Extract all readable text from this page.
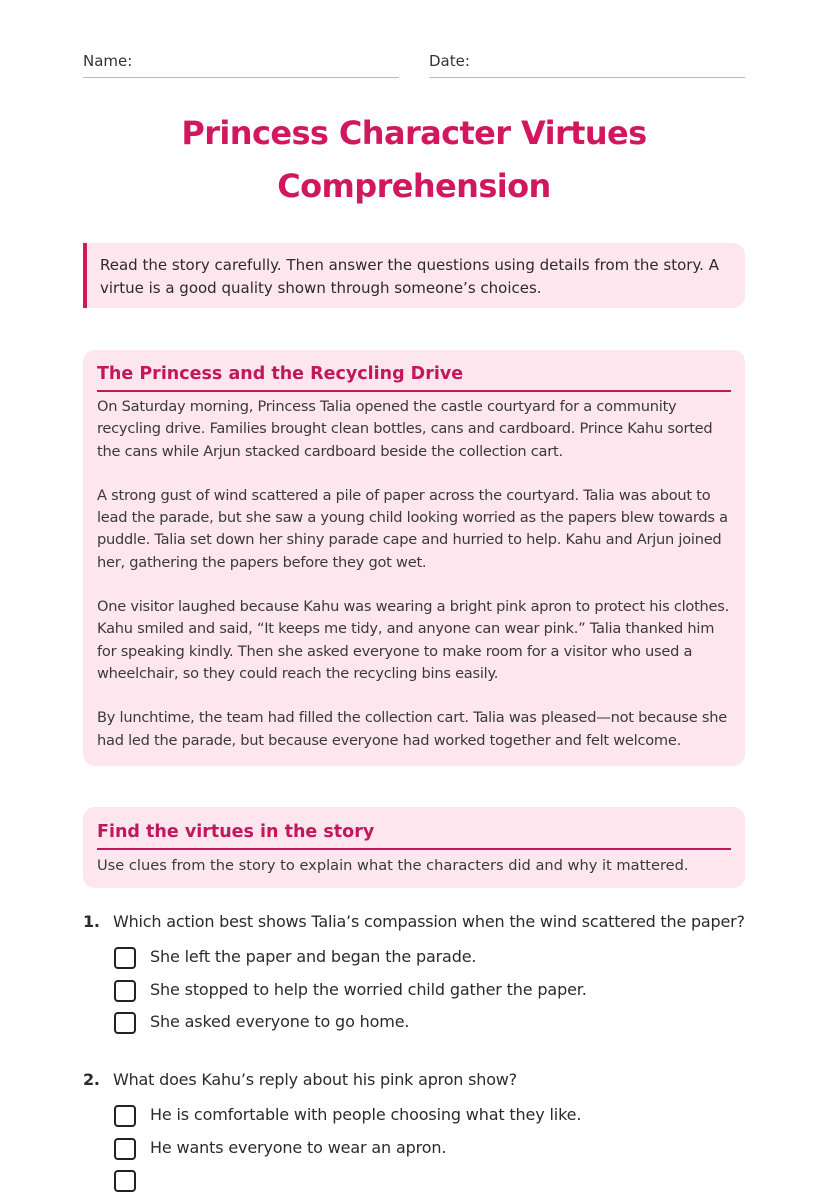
Name:	Date:
Princess Character Virtues
Comprehension
Read the story carefully. Then answer the questions using details from the story. A virtue is a good quality shown through someone’s choices.
The Princess and the Recycling Drive

On Saturday morning, Princess Talia opened the castle courtyard for a community recycling drive. Families brought clean bottles, cans and cardboard. Prince Kahu sorted the cans while Arjun stacked cardboard beside the collection cart.

A strong gust of wind scattered a pile of paper across the courtyard. Talia was about to lead the parade, but she saw a young child looking worried as the papers blew towards a puddle. Talia set down her shiny parade cape and hurried to help. Kahu and Arjun joined her, gathering the papers before they got wet.

One visitor laughed because Kahu was wearing a bright pink apron to protect his clothes. Kahu smiled and said, “It keeps me tidy, and anyone can wear pink.” Talia thanked him for speaking kindly. Then she asked everyone to make room for a visitor who used a wheelchair, so they could reach the recycling bins easily.

By lunchtime, the team had filled the collection cart. Talia was pleased—not because she had led the parade, but because everyone had worked together and felt welcome.

Find the virtues in the story
Use clues from the story to explain what the characters did and why it mattered.
1. Which action best shows Talia’s compassion when the wind scattered the paper?
She left the paper and began the parade.
She stopped to help the worried child gather the paper.
She asked everyone to go home.
2. What does Kahu’s reply about his pink apron show?
He is comfortable with people choosing what they like.
He wants everyone to wear an apron.
